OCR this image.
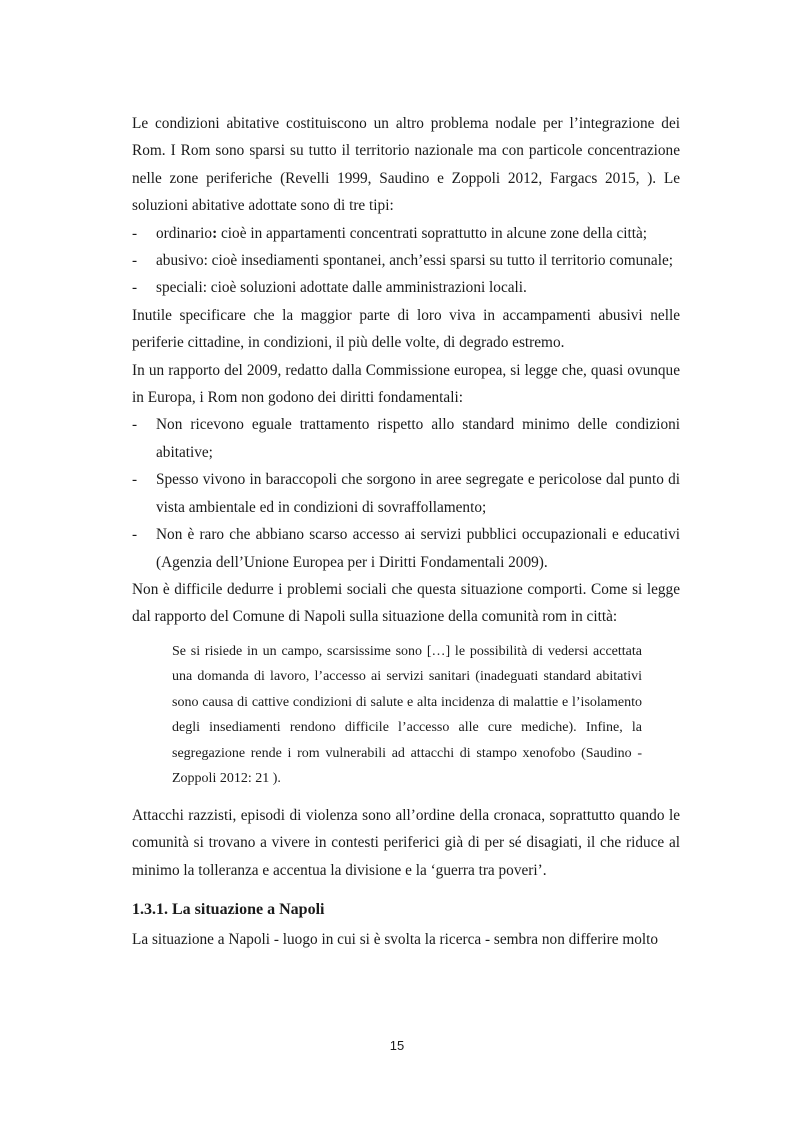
Le condizioni abitative costituiscono un altro problema nodale per l’integrazione dei Rom. I Rom sono sparsi su tutto il territorio nazionale ma con particole concentrazione nelle zone periferiche (Revelli 1999, Saudino e Zoppoli 2012, Fargacs 2015, ). Le soluzioni abitative adottate sono di tre tipi:

- ordinario: cioè in appartamenti concentrati soprattutto in alcune zone della città;
- abusivo: cioè insediamenti spontanei, anch’essi sparsi su tutto il territorio comunale;
- speciali: cioè soluzioni adottate dalle amministrazioni locali.

Inutile specificare che la maggior parte di loro viva in accampamenti abusivi nelle periferie cittadine, in condizioni, il più delle volte, di degrado estremo.

In un rapporto del 2009, redatto dalla Commissione europea, si legge che, quasi ovunque in Europa, i Rom non godono dei diritti fondamentali:

- Non ricevono eguale trattamento rispetto allo standard minimo delle condizioni abitative;
- Spesso vivono in baraccopoli che sorgono in aree segregate e pericolose dal punto di vista ambientale ed in condizioni di sovraffollamento;
- Non è raro che abbiano scarso accesso ai servizi pubblici occupazionali e educativi (Agenzia dell’Unione Europea per i Diritti Fondamentali 2009).

Non è difficile dedurre i problemi sociali che questa situazione comporti. Come si legge dal rapporto del Comune di Napoli sulla situazione della comunità rom in città:

Se si risiede in un campo, scarsissime sono […] le possibilità di vedersi accettata una domanda di lavoro, l’accesso ai servizi sanitari (inadeguati standard abitativi sono causa di cattive condizioni di salute e alta incidenza di malattie e l’isolamento degli insediamenti rendono difficile l’accesso alle cure mediche). Infine, la segregazione rende i rom vulnerabili ad attacchi di stampo xenofobo (Saudino - Zoppoli 2012: 21 ).

Attacchi razzisti, episodi di violenza sono all’ordine della cronaca, soprattutto quando le comunità si trovano a vivere in contesti periferici già di per sé disagiati, il che riduce al minimo la tolleranza e accentua la divisione e la ‘guerra tra poveri’.

1.3.1. La situazione a Napoli

La situazione a Napoli - luogo in cui si è svolta la ricerca - sembra non differire molto

15
